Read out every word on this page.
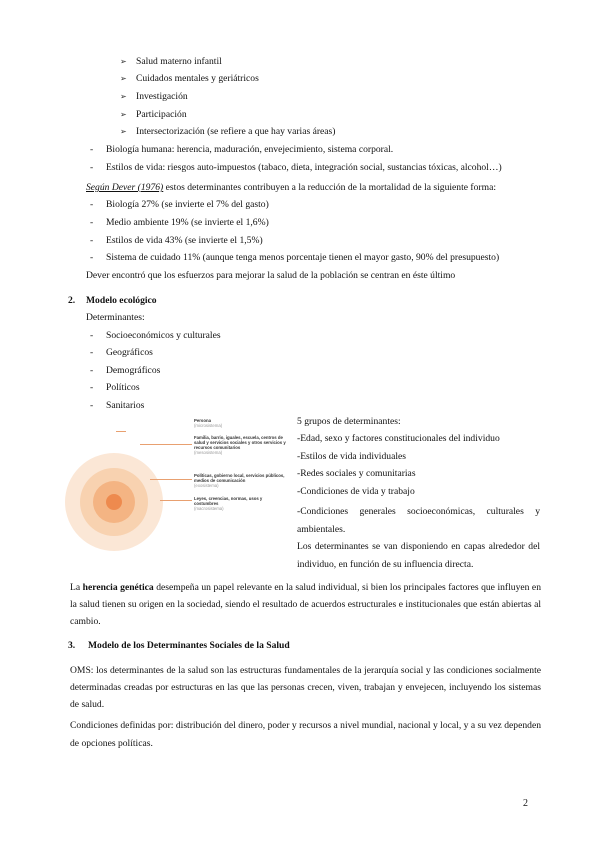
➢ Salud materno infantil
➢ Cuidados mentales y geriátricos
➢ Investigación
➢ Participación
➢ Intersectorización (se refiere a que hay varias áreas)
- Biología humana: herencia, maduración, envejecimiento, sistema corporal.
- Estilos de vida: riesgos auto-impuestos (tabaco, dieta, integración social, sustancias tóxicas, alcohol…)
Según Dever (1976) estos determinantes contribuyen a la reducción de la mortalidad de la siguiente forma:
- Biología 27% (se invierte el 7% del gasto)
- Medio ambiente 19% (se invierte el 1,6%)
- Estilos de vida 43% (se invierte el 1,5%)
- Sistema de cuidado 11% (aunque tenga menos porcentaje tienen el mayor gasto, 90% del presupuesto)
Dever encontró que los esfuerzos para mejorar la salud de la población se centran en éste último
2. Modelo ecológico
Determinantes:
- Socioeconómicos y culturales
- Geográficos
- Demográficos
- Políticos
- Sanitarios
Persona
(microsistema)
Familia, barrio, iguales, escuela, centros de salud y servicios sociales y otros servicios y recursos comunitarios
(mesosistema)
Políticas, gobierno local, servicios públicos, medios de comunicación
(exosistema)
Leyes, creencias, normas, usos y costumbres
(macrosistema)
5 grupos de determinantes:
-Edad, sexo y factores constitucionales del individuo
-Estilos de vida individuales
-Redes sociales y comunitarias
-Condiciones de vida y trabajo
-Condiciones generales socioeconómicas, culturales y ambientales.
Los determinantes se van disponiendo en capas alrededor del individuo, en función de su influencia directa.
La herencia genética desempeña un papel relevante en la salud individual, si bien los principales factores que influyen en la salud tienen su origen en la sociedad, siendo el resultado de acuerdos estructurales e institucionales que están abiertas al cambio.
3. Modelo de los Determinantes Sociales de la Salud
OMS: los determinantes de la salud son las estructuras fundamentales de la jerarquía social y las condiciones socialmente determinadas creadas por estructuras en las que las personas crecen, viven, trabajan y envejecen, incluyendo los sistemas de salud.
Condiciones definidas por: distribución del dinero, poder y recursos a nivel mundial, nacional y local, y a su vez dependen de opciones políticas.
2
